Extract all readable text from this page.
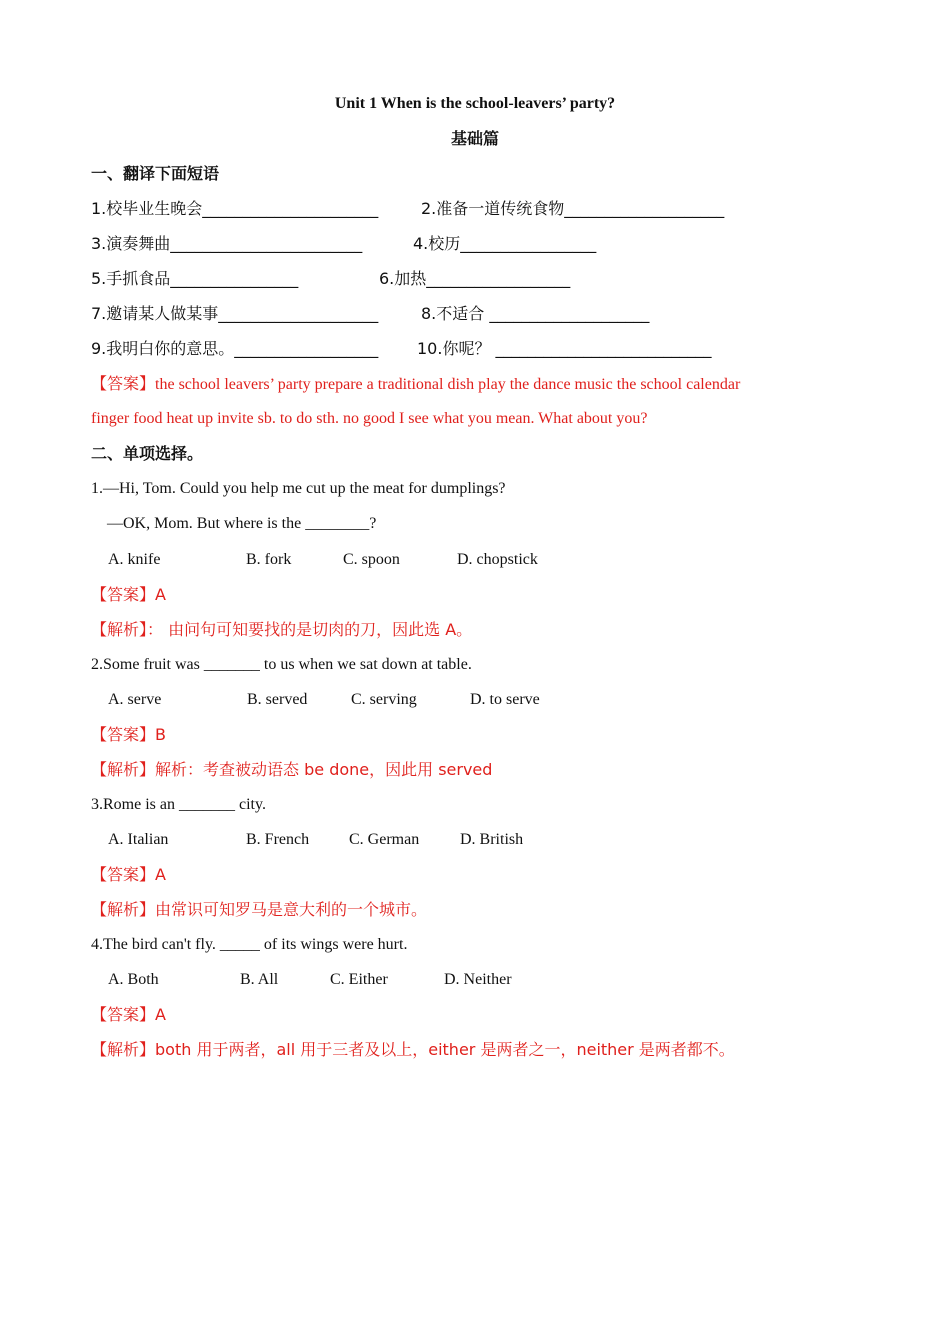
Unit 1 When is the school-leavers’ party?
基础篇
一、翻译下面短语
1.校毕业生晚会______________________	2.准备一道传统食物____________________
3.演奏舞曲________________________	4.校历_________________
5.手抓食品________________	6.加热__________________
7.邀请某人做某事____________________	8.不适合 ____________________
9.我明白你的意思。__________________ 10.你呢？ ___________________________
【答案】the school leavers’ party prepare a traditional dish play the dance music the school calendar
finger food heat up invite sb. to do sth. no good I see what you mean. What about you?
二、单项选择。
1.—Hi, Tom. Could you help me cut up the meat for dumplings?
—OK, Mom. But where is the ________?
A. knife	B. fork	C. spoon	D. chopstick
【答案】A
【解析】： 由问句可知要找的是切肉的刀，因此选 A。
2.Some fruit was _______ to us when we sat down at table.
A. serve	B. served	C. serving	D. to serve
【答案】B
【解析】解析：考查被动语态 be done，因此用 served
3.Rome is an _______ city.
A. Italian	B. French C. German	D. British
【答案】A
【解析】由常识可知罗马是意大利的一个城市。
4.The bird can't fly. _____ of its wings were hurt.
A. Both	B. All	C. Either	D. Neither
【答案】A
【解析】both 用于两者，all 用于三者及以上，either 是两者之一，neither 是两者都不。
